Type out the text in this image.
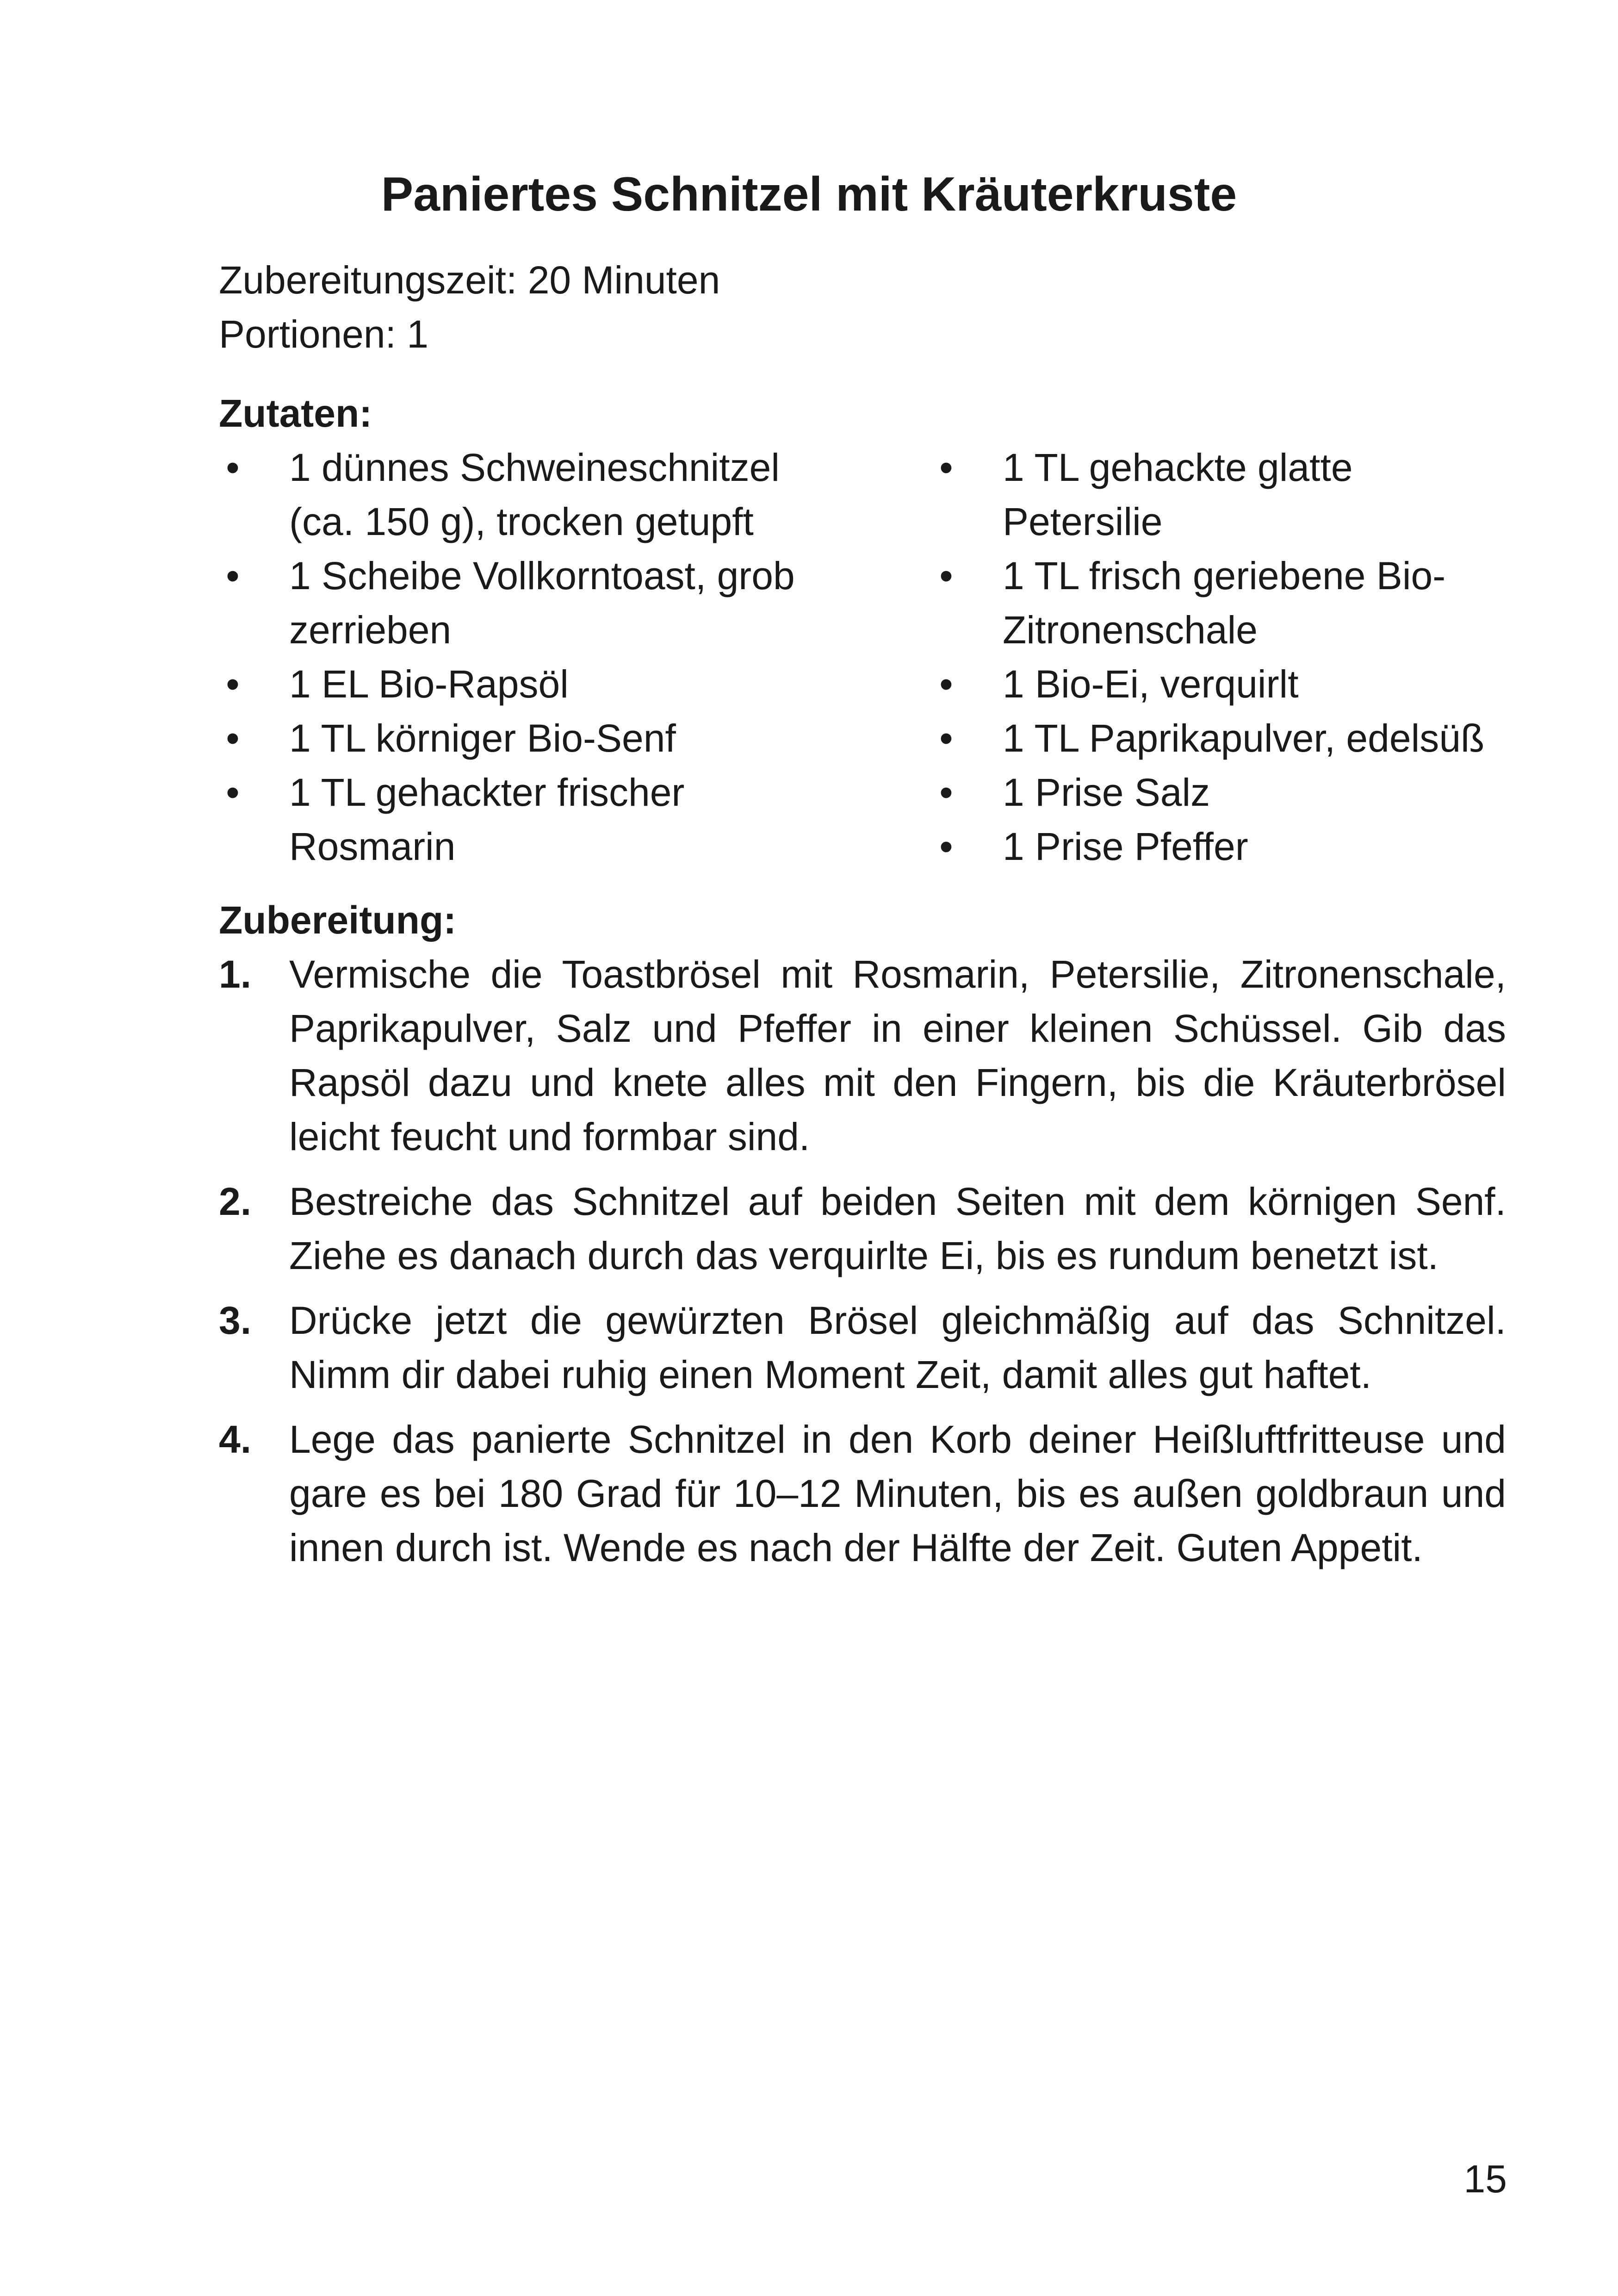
Paniertes Schnitzel mit Kräuterkruste

Zubereitungszeit: 20 Minuten

Portionen: 1

Zutaten:
• 1 dünnes Schweineschnitzel (ca. 150 g), trocken getupft
• 1 Scheibe Vollkorntoast, grob zerrieben
• 1 EL Bio-Rapsöl
• 1 TL körniger Bio-Senf
• 1 TL gehackter frischer Rosmarin
• 1 TL gehackte glatte Petersilie
• 1 TL frisch geriebene Bio-Zitronenschale
• 1 Bio-Ei, verquirlt
• 1 TL Paprikapulver, edelsüß
• 1 Prise Salz
• 1 Prise Pfeffer
Zubereitung:
1. Vermische die Toastbrösel mit Rosmarin, Petersilie, Zitronenschale, Paprikapulver, Salz und Pfeffer in einer kleinen Schüssel. Gib das Rapsöl dazu und knete alles mit den Fingern, bis die Kräuterbrösel leicht feucht und formbar sind.
2. Bestreiche das Schnitzel auf beiden Seiten mit dem körnigen Senf. Ziehe es danach durch das verquirlte Ei, bis es rundum benetzt ist.
3. Drücke jetzt die gewürzten Brösel gleichmäßig auf das Schnitzel. Nimm dir dabei ruhig einen Moment Zeit, damit alles gut haftet.
4. Lege das panierte Schnitzel in den Korb deiner Heißluftfritteuse und gare es bei 180 Grad für 10–12 Minuten, bis es außen goldbraun und innen durch ist. Wende es nach der Hälfte der Zeit. Guten Appetit.

15
